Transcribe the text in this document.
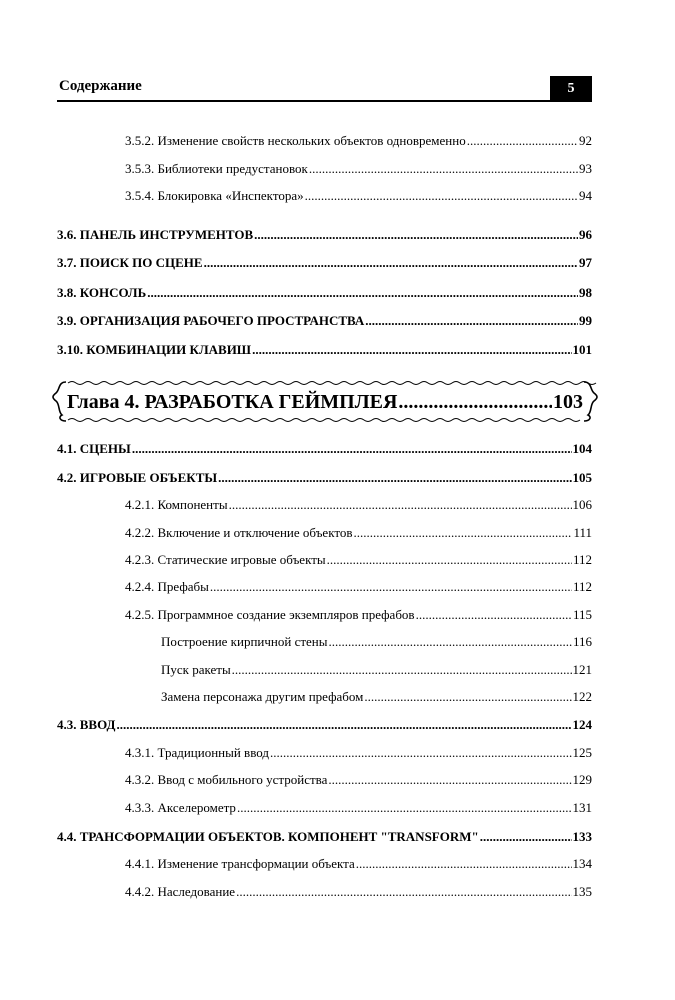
Содержание	5
3.5.2. Изменение свойств нескольких объектов одновременно .....	92
3.5.3. Библиотеки предустановок .....	93
3.5.4. Блокировка «Инспектора» .....	94
3.6. ПАНЕЛЬ ИНСТРУМЕНТОВ .....	96
3.7. ПОИСК ПО СЦЕНЕ .....	97
3.8. КОНСОЛЬ .....	98
3.9. ОРГАНИЗАЦИЯ РАБОЧЕГО ПРОСТРАНСТВА .....	99
3.10. КОМБИНАЦИИ КЛАВИШ .....	101
Глава 4. РАЗРАБОТКА ГЕЙМПЛЕЯ .....	103
4.1. СЦЕНЫ .....	104
4.2. ИГРОВЫЕ ОБЪЕКТЫ .....	105
4.2.1. Компоненты .....	106
4.2.2. Включение и отключение объектов .....	111
4.2.3. Статические игровые объекты .....	112
4.2.4. Префабы .....	112
4.2.5. Программное создание экземпляров префабов .....	115
Построение кирпичной стены .....	116
Пуск ракеты .....	121
Замена персонажа другим префабом .....	122
4.3. ВВОД .....	124
4.3.1. Традиционный ввод .....	125
4.3.2. Ввод с мобильного устройства .....	129
4.3.3. Акселерометр .....	131
4.4. ТРАНСФОРМАЦИИ ОБЪЕКТОВ. КОМПОНЕНТ "TRANSFORM" .....	133
4.4.1. Изменение трансформации объекта .....	134
4.4.2. Наследование .....	135
